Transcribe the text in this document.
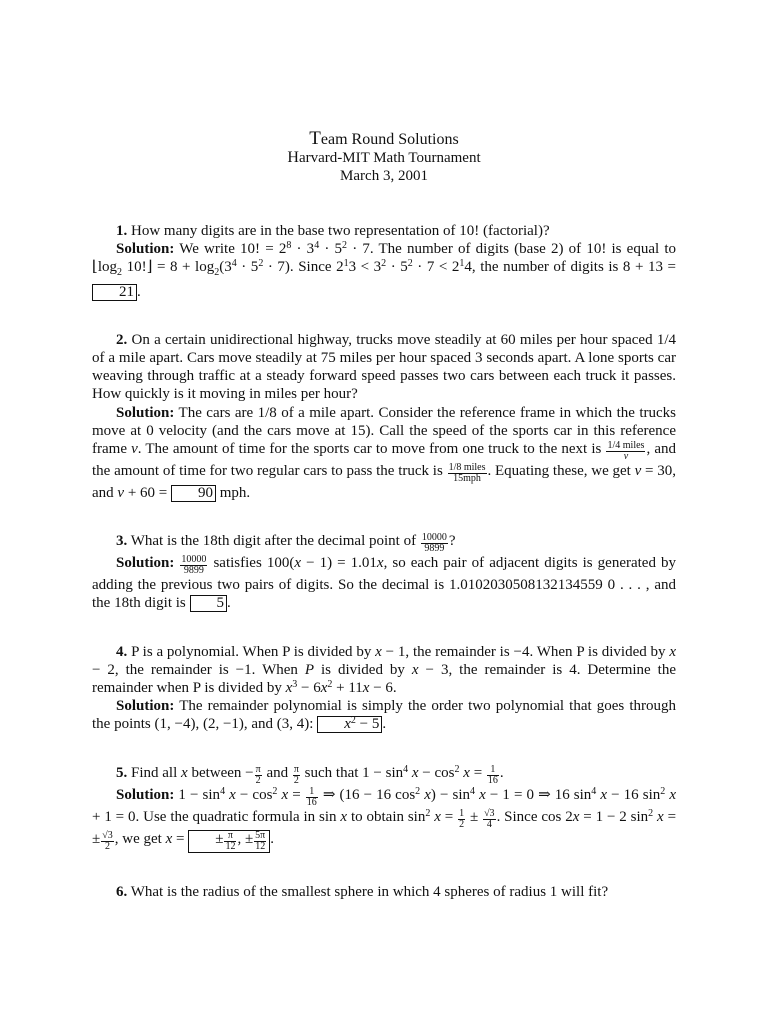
Team Round Solutions
Harvard-MIT Math Tournament
March 3, 2001

1. How many digits are in the base two representation of 10! (factorial)?

Solution: We write 10! = $2^8 \cdot 3^4 \cdot 5^2 \cdot 7$. The number of digits (base 2) of 10! is equal to $⌊\log_2$ 10!⌋ = $8 + \log_2(3^4 \cdot 5^2 \cdot 7)$. Since $2^13 < 3^2 \cdot 5^2 \cdot 7 < 2^14$, the number of digits is 8 + 13 = 21 .

2. On a certain unidirectional highway, trucks move steadily at 60 miles per hour spaced 1/4 of a mile apart. Cars move steadily at 75 miles per hour spaced 3 seconds apart. A lone sports car weaving through traffic at a steady forward speed passes two cars between each truck it passes. How quickly is it moving in miles per hour?

Solution: The cars are 1/8 of a mile apart. Consider the reference frame in which the trucks move at 0 velocity (and the cars move at 15). Call the speed of the sports car in this reference frame v. The amount of time for the sports car to move from one truck to the next is $\frac{\text{1/4 miles}}{v}$ , and the amount of time for two regular cars to pass the truck is $\frac{\text{1/8 miles}}{\text{15mph}}$ . Equating these, we get v = 30, and v + 60 = 90 mph.

3. What is the 18th digit after the decimal point of $\frac{10000}{9899}$ ?

Solution: $\frac{10000}{9899}$ satisfies 100(x − 1) = 1.01x, so each pair of adjacent digits is generated by adding the previous two pairs of digits. So the decimal is 1.0102030508132134559 0 . . . , and the 18th digit is 5 .

4. P is a polynomial. When P is divided by x − 1, the remainder is −4. When P is divided by x − 2, the remainder is −1. When P is divided by x − 3, the remainder is 4. Determine the remainder when P is divided by $x^3 - 6x^2 + 11x - 6$.

Solution: The remainder polynomial is simply the order two polynomial that goes through the points (1, −4), (2, −1), and (3, 4): $x^2 - 5$ .

5. Find all x between − $\frac{\pi}{2}$ and $\frac{\pi}{2}$ such that $1 - \sin^4 x - \cos^2 x = \frac{1}{16}$ .

Solution: $1 - \sin^4 x - \cos^2 x = \frac{1}{16}$ ⇒ (16 − 16 $\cos^2 x) - \sin^4 x - 1 = 0$ ⇒ 16 $\sin^4 x - 16$ $\sin^2 x + 1 = 0$. Use the quadratic formula in sin x to obtain $\sin^2 x = \frac{1}{2} \pm \frac{√3}{4}$ . Since cos 2x = 1 − 2 $\sin^2 x$ = ± $\frac{√3}{2}$ , we get x = ± $\frac{\pi}{12}$ , ± $\frac{5\pi}{12}$ .

6. What is the radius of the smallest sphere in which 4 spheres of radius 1 will fit?
